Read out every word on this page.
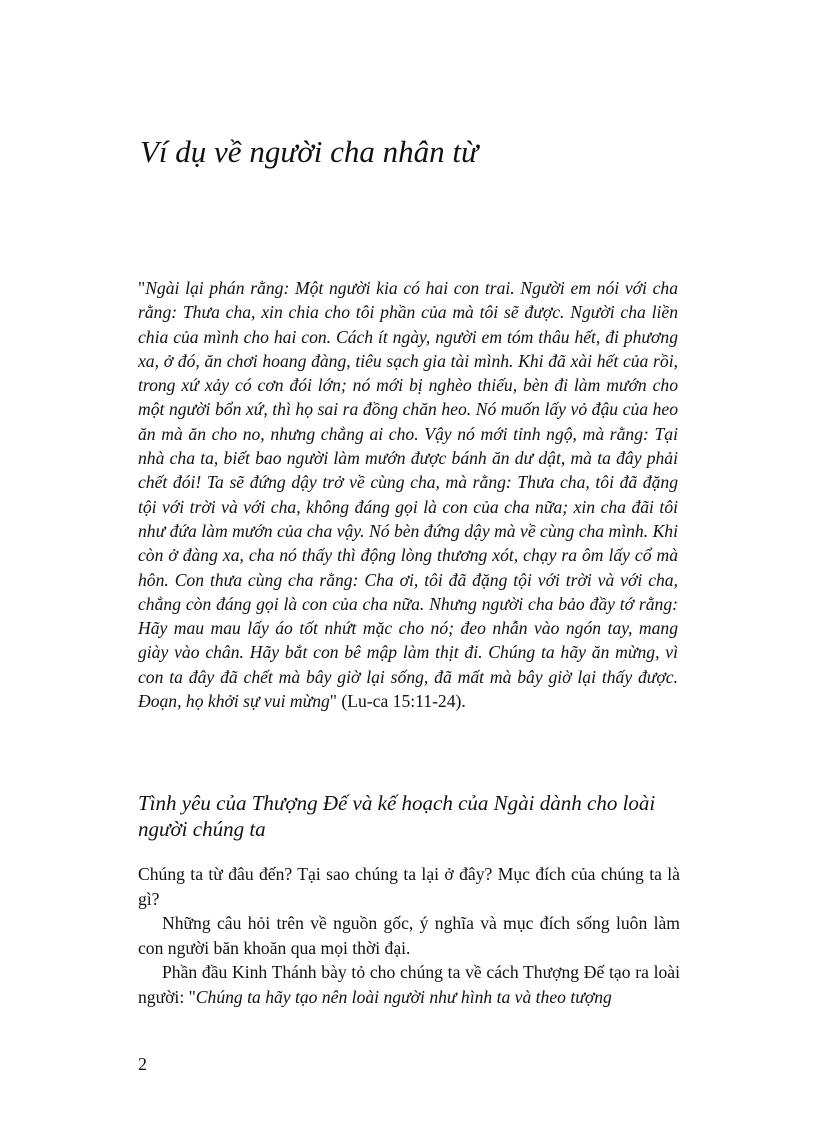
Ví dụ về người cha nhân từ

"Ngài lại phán rằng: Một người kia có hai con trai. Người em nói với cha rằng: Thưa cha, xin chia cho tôi phần của mà tôi sẽ được. Người cha liền chia của mình cho hai con. Cách ít ngày, người em tóm thâu hết, đi phương xa, ở đó, ăn chơi hoang đàng, tiêu sạch gia tài mình. Khi đã xài hết của rồi, trong xứ xảy có cơn đói lớn; nó mới bị nghèo thiếu, bèn đi làm mướn cho một người bổn xứ, thì họ sai ra đồng chăn heo. Nó muốn lấy vỏ đậu của heo ăn mà ăn cho no, nhưng chẳng ai cho. Vậy nó mới tỉnh ngộ, mà rằng: Tại nhà cha ta, biết bao người làm mướn được bánh ăn dư dật, mà ta đây phải chết đói! Ta sẽ đứng dậy trở về cùng cha, mà rằng: Thưa cha, tôi đã đặng tội với trời và với cha, không đáng gọi là con của cha nữa; xin cha đãi tôi như đứa làm mướn của cha vậy. Nó bèn đứng dậy mà về cùng cha mình. Khi còn ở đàng xa, cha nó thấy thì động lòng thương xót, chạy ra ôm lấy cổ mà hôn. Con thưa cùng cha rằng: Cha ơi, tôi đã đặng tội với trời và với cha, chẳng còn đáng gọi là con của cha nữa. Nhưng người cha bảo đầy tớ rằng: Hãy mau mau lấy áo tốt nhứt mặc cho nó; đeo nhẫn vào ngón tay, mang giày vào chân. Hãy bắt con bê mập làm thịt đi. Chúng ta hãy ăn mừng, vì con ta đây đã chết mà bây giờ lại sống, đã mất mà bây giờ lại thấy được. Đoạn, họ khởi sự vui mừng" (Lu-ca 15:11-24).

Tình yêu của Thượng Đế và kế hoạch của Ngài dành cho loài người chúng ta

Chúng ta từ đâu đến? Tại sao chúng ta lại ở đây? Mục đích của chúng ta là gì?

Những câu hỏi trên về nguồn gốc, ý nghĩa và mục đích sống luôn làm con người băn khoăn qua mọi thời đại.

Phần đầu Kinh Thánh bày tỏ cho chúng ta về cách Thượng Đế tạo ra loài người: "Chúng ta hãy tạo nên loài người như hình ta và theo tượng

2
